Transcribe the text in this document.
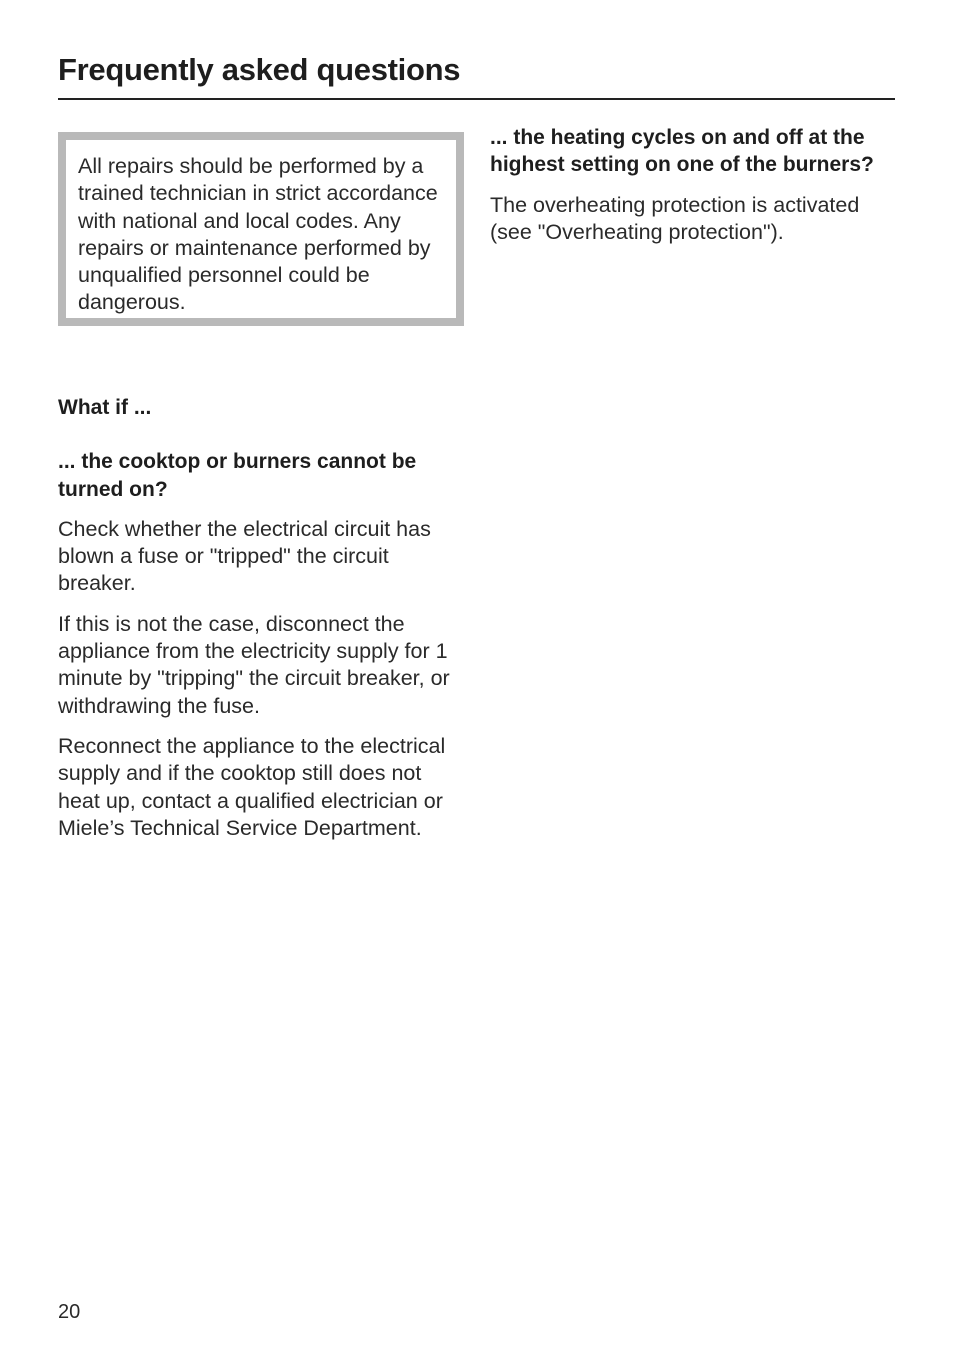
Frequently asked questions

All repairs should be performed by a trained technician in strict accordance with national and local codes. Any repairs or maintenance performed by unqualified personnel could be dangerous.

What if ...

... the cooktop or burners cannot be turned on?

Check whether the electrical circuit has blown a fuse or "tripped" the circuit breaker.

If this is not the case, disconnect the appliance from the electricity supply for 1 minute by "tripping" the circuit breaker, or withdrawing the fuse.

Reconnect the appliance to the electrical supply and if the cooktop still does not heat up, contact a qualified electrician or Miele’s Technical Service Department.

... the heating cycles on and off at the highest setting on one of the burners?

The overheating protection is activated (see "Overheating protection").

20
